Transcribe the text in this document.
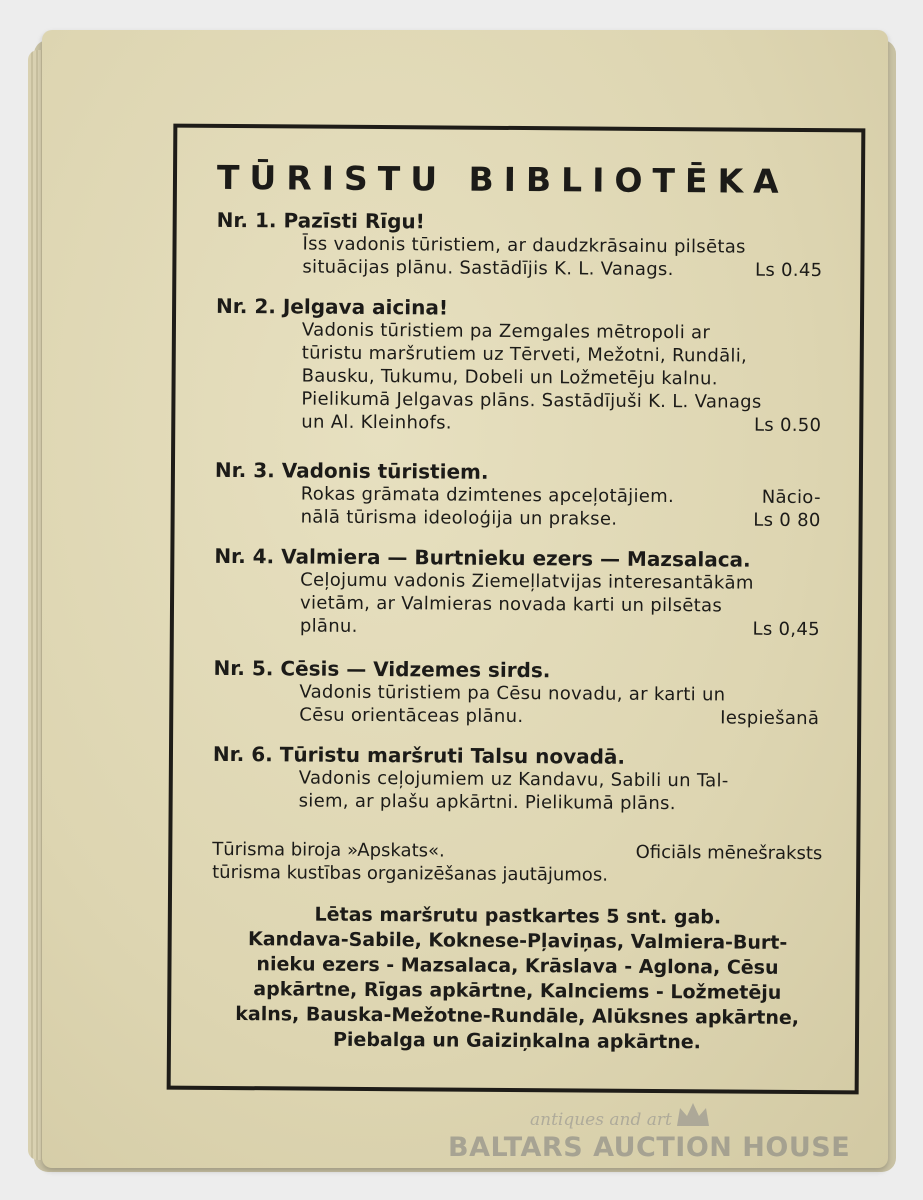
TŪRISTU BIBLIOTĒKA
Nr. 1. Pazīsti Rīgu!
Īss vadonis tūristiem, ar daudzkrāsainu pilsētas
situācijas plānu. Sastādījis K. L. Vanags.	Ls 0.45
Nr. 2. Jelgava aicina!
Vadonis tūristiem pa Zemgales mētropoli ar
tūristu maršrutiem uz Tērveti, Mežotni, Rundāli,
Bausku, Tukumu, Dobeli un Ložmetēju kalnu.
Pielikumā Jelgavas plāns. Sastādījuši K. L. Vanags
un Al. Kleinhofs.	Ls 0.50
Nr. 3. Vadonis tūristiem.
Rokas grāmata dzimtenes apceļotājiem.	Nācio-
nālā tūrisma ideoloģija un prakse.	Ls 0 80
Nr. 4. Valmiera — Burtnieku ezers — Mazsalaca.
Ceļojumu vadonis Ziemeļlatvijas interesantākām
vietām, ar Valmieras novada karti un pilsētas
plānu.	Ls 0,45
Nr. 5. Cēsis — Vidzemes sirds.
Vadonis tūristiem pa Cēsu novadu, ar karti un
Cēsu orientāceas plānu.	Iespiešanā
Nr. 6. Tūristu maršruti Talsu novadā.
Vadonis ceļojumiem uz Kandavu, Sabili un Tal-
siem, ar plašu apkārtni. Pielikumā plāns.
Tūrisma biroja »Apskats«.	Oficiāls mēnešraksts
tūrisma kustības organizēšanas jautājumos.
Lētas maršrutu pastkartes 5 snt. gab.
Kandava-Sabile, Koknese-Pļaviņas, Valmiera-Burt-
nieku ezers - Mazsalaca, Krāslava - Aglona, Cēsu
apkārtne, Rīgas apkārtne, Kalnciems - Ložmetēju
kalns, Bauska-Mežotne-Rundāle, Alūksnes apkārtne,
Piebalga un Gaiziņkalna apkārtne.
antiques and art
BALTARS AUCTION HOUSE
